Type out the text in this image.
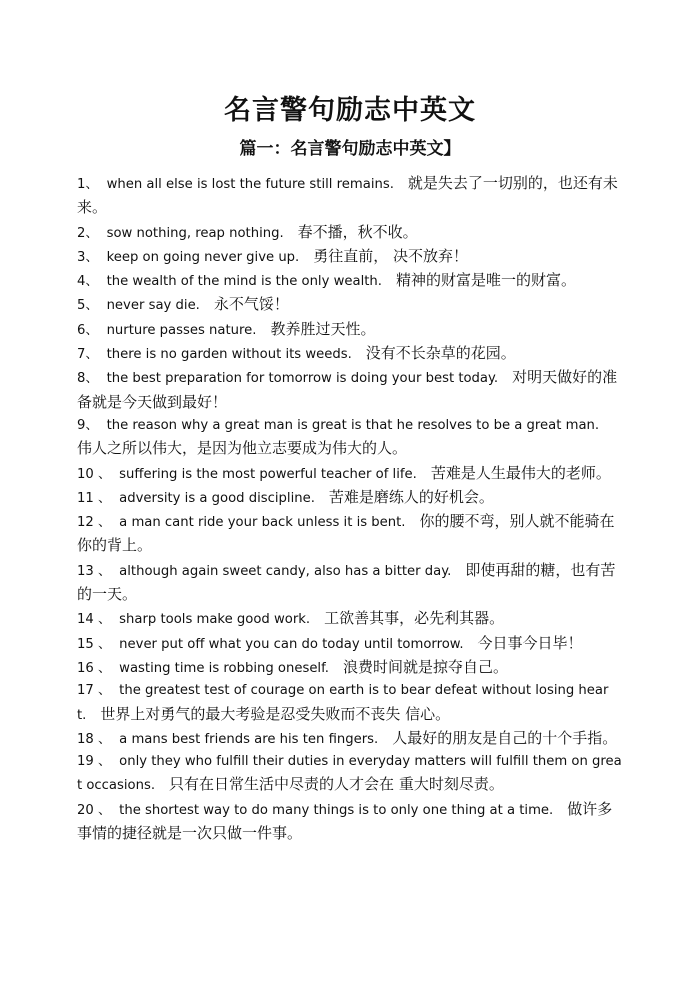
名言警句励志中英文
篇一：名言警句励志中英文】
1、 when all else is lost the future still remains. 就是失去了一切别的，也还有未来。
2、 sow nothing, reap nothing. 春不播，秋不收。
3、 keep on going never give up. 勇往直前， 决不放弃！
4、 the wealth of the mind is the only wealth. 精神的财富是唯一的财富。
5、 never say die. 永不气馁！
6、 nurture passes nature. 教养胜过天性。
7、 there is no garden without its weeds. 没有不长杂草的花园。
8、 the best preparation for tomorrow is doing your best today. 对明天做好的准备就是今天做到最好！
9、 the reason why a great man is great is that he resolves to be a great man.伟人之所以伟大，是因为他立志要成为伟大的人。
10 、 suffering is the most powerful teacher of life. 苦难是人生最伟大的老师。
11 、 adversity is a good discipline. 苦难是磨练人的好机会。
12 、 a man cant ride your back unless it is bent. 你的腰不弯，别人就不能骑在你的背上。
13 、 although again sweet candy, also has a bitter day. 即使再甜的糖，也有苦的一天。
14 、 sharp tools make good work. 工欲善其事，必先利其器。
15 、 never put off what you can do today until tomorrow. 今日事今日毕！
16 、 wasting time is robbing oneself. 浪费时间就是掠夺自己。
17 、 the greatest test of courage on earth is to bear defeat without losing heart. 世界上对勇气的最大考验是忍受失败而不丧失 信心。
18 、 a mans best friends are his ten fingers. 人最好的朋友是自己的十个手指。
19 、 only they who fulfill their duties in everyday matters will fulfill them on great occasions. 只有在日常生活中尽责的人才会在 重大时刻尽责。
20 、 the shortest way to do many things is to only one thing at a time. 做许多事情的捷径就是一次只做一件事。
